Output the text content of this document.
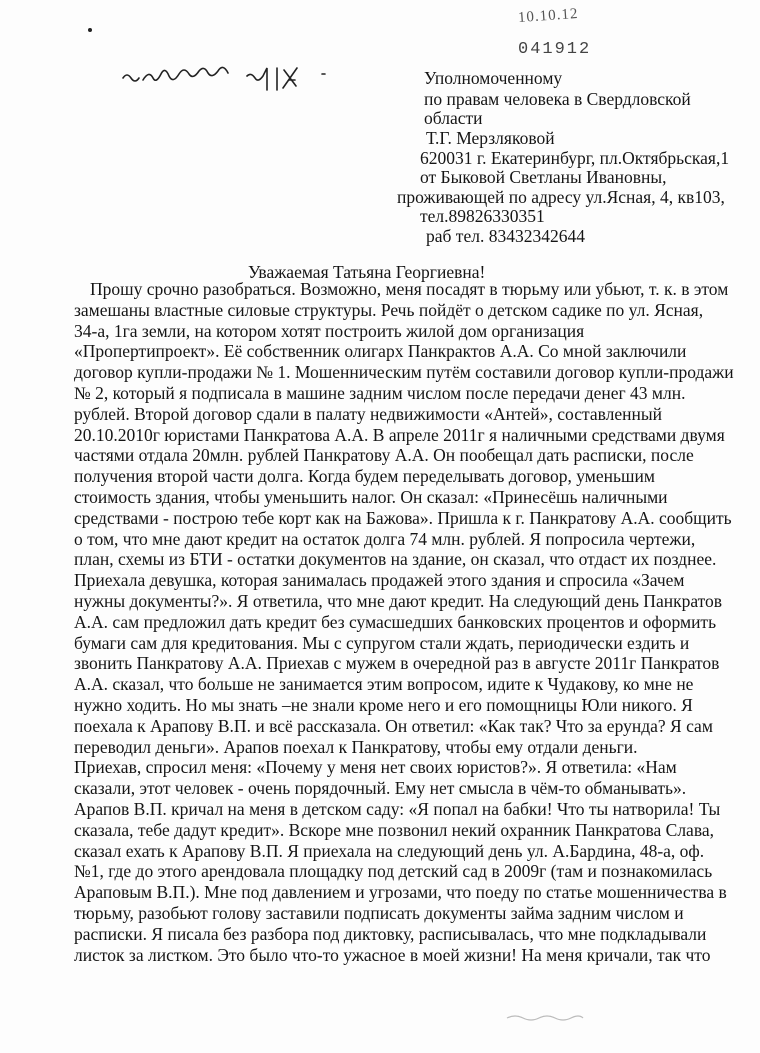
10.10.12
041912
Уполномоченному
по правам человека в Свердловской
области
Т.Г. Мерзляковой
620031 г. Екатеринбург, пл.Октябрьская,1
от Быковой Светланы Ивановны,
проживающей по адресу ул.Ясная, 4, кв103,
тел.89826330351
раб тел. 83432342644
Уважаемая Татьяна Георгиевна!
Прошу срочно разобраться. Возможно, меня посадят в тюрьму или убьют, т. к. в этом
замешаны властные силовые структуры. Речь пойдёт о детском садике по ул. Ясная,
34-а, 1га земли, на котором хотят построить жилой дом организация
«Пропертипроект». Её собственник олигарх Панкрактов А.А. Со мной заключили
договор купли-продажи № 1. Мошенническим путём составили договор купли-продажи
№ 2, который я подписала в машине задним числом после передачи денег 43 млн.
рублей. Второй договор сдали в палату недвижимости «Антей», составленный
20.10.2010г юристами Панкратова А.А. В апреле 2011г я наличными средствами двумя
частями отдала 20млн. рублей Панкратову А.А. Он пообещал дать расписки, после
получения второй части долга. Когда будем переделывать договор, уменьшим
стоимость здания, чтобы уменьшить налог. Он сказал: «Принесёшь наличными
средствами - построю тебе корт как на Бажова». Пришла к г. Панкратову А.А. сообщить
о том, что мне дают кредит на остаток долга 74 млн. рублей. Я попросила чертежи,
план, схемы из БТИ - остатки документов на здание, он сказал, что отдаст их позднее.
Приехала девушка, которая занималась продажей этого здания и спросила «Зачем
нужны документы?». Я ответила, что мне дают кредит. На следующий день Панкратов
А.А. сам предложил дать кредит без сумасшедших банковских процентов и оформить
бумаги сам для кредитования. Мы с супругом стали ждать, периодически ездить и
звонить Панкратову А.А. Приехав с мужем в очередной раз в августе 2011г Панкратов
А.А. сказал, что больше не занимается этим вопросом, идите к Чудакову, ко мне не
нужно ходить. Но мы знать –не знали кроме него и его помощницы Юли никого. Я
поехала к Арапову В.П. и всё рассказала. Он ответил: «Как так? Что за ерунда? Я сам
переводил деньги». Арапов поехал к Панкратову, чтобы ему отдали деньги.
Приехав, спросил меня: «Почему у меня нет своих юристов?». Я ответила: «Нам
сказали, этот человек - очень порядочный. Ему нет смысла в чём-то обманывать».
Арапов В.П. кричал на меня в детском саду: «Я попал на бабки! Что ты натворила! Ты
сказала, тебе дадут кредит». Вскоре мне позвонил некий охранник Панкратова Слава,
сказал ехать к Арапову В.П. Я приехала на следующий день ул. А.Бардина, 48-а, оф.
№1, где до этого арендовала площадку под детский сад в 2009г (там и познакомилась
Араповым В.П.). Мне под давлением и угрозами, что поеду по статье мошенничества в
тюрьму, разобьют голову заставили подписать документы займа задним числом и
расписки. Я писала без разбора под диктовку, расписывалась, что мне подкладывали
листок за листком. Это было что-то ужасное в моей жизни! На меня кричали, так что
